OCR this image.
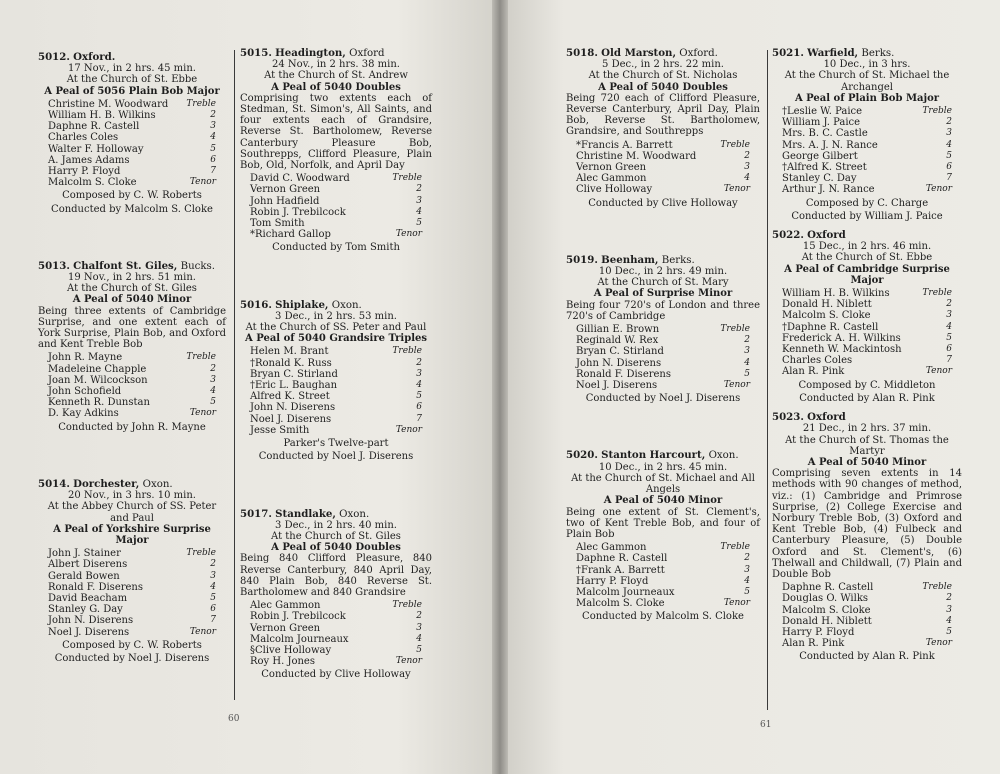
5012. Oxford.
17 Nov., in 2 hrs. 45 min.
At the Church of St. Ebbe
A Peal of 5056 Plain Bob Major
Christine M. Woodward Treble
William H. B. Wilkins	2
Daphne R. Castell	3
Charles Coles	4
Walter F. Holloway	5
A. James Adams	6
Harry P. Floyd	7
Malcolm S. Cloke	Tenor
Composed by C. W. Roberts
Conducted by Malcolm S. Cloke
5013. Chalfont St. Giles, Bucks.
19 Nov., in 2 hrs. 51 min.
At the Church of St. Giles
A Peal of 5040 Minor
Being three extents of Cambridge Surprise, and one extent each of York Surprise, Plain Bob, and Oxford and Kent Treble Bob
John R. Mayne	Treble
Madeleine Chapple	2
Joan M. Wilcockson	3
John Schofield	4
Kenneth R. Dunstan	5
D. Kay Adkins	Tenor
Conducted by John R. Mayne
5014. Dorchester, Oxon.
20 Nov., in 3 hrs. 10 min.
At the Abbey Church of SS. Peter and Paul
A Peal of Yorkshire Surprise Major
John J. Stainer	Treble
Albert Diserens	2
Gerald Bowen	3
Ronald F. Diserens	4
David Beacham	5
Stanley G. Day	6
John N. Diserens	7
Noel J. Diserens	Tenor
Composed by C. W. Roberts
Conducted by Noel J. Diserens
5015. Headington, Oxford
24 Nov., in 2 hrs. 38 min.
At the Church of St. Andrew
A Peal of 5040 Doubles
Comprising two extents each of Stedman, St. Simon's, All Saints, and four extents each of Grandsire, Reverse St. Bartholomew, Reverse Canterbury Pleasure Bob, Southrepps, Clifford Pleasure, Plain Bob, Old, Norfolk, and April Day
David C. Woodward	Treble
Vernon Green	2
John Hadfield	3
Robin J. Trebilcock	4
Tom Smith	5
*Richard Gallop	Tenor
Conducted by Tom Smith
5016. Shiplake, Oxon.
3 Dec., in 2 hrs. 53 min.
At the Church of SS. Peter and Paul
A Peal of 5040 Grandsire Triples
Helen M. Brant	Treble
†Ronald K. Russ	2
Bryan C. Stirland	3
†Eric L. Baughan	4
Alfred K. Street	5
John N. Diserens	6
Noel J. Diserens	7
Jesse Smith	Tenor
Parker's Twelve-part
Conducted by Noel J. Diserens
5017. Standlake, Oxon.
3 Dec., in 2 hrs. 40 min.
At the Church of St. Giles
A Peal of 5040 Doubles
Being 840 Clifford Pleasure, 840 Reverse Canterbury, 840 April Day, 840 Plain Bob, 840 Reverse St. Bartholomew and 840 Grandsire
Alec Gammon	Treble
Robin J. Trebilcock	2
Vernon Green	3
Malcolm Journeaux	4
§Clive Holloway	5
Roy H. Jones	Tenor
Conducted by Clive Holloway
5018. Old Marston, Oxford.
5 Dec., in 2 hrs. 22 min.
At the Church of St. Nicholas
A Peal of 5040 Doubles
Being 720 each of Clifford Pleasure, Reverse Canterbury, April Day, Plain Bob, Reverse St. Bartholomew, Grandsire, and Southrepps
*Francis A. Barrett	Treble
Christine M. Woodward	2
Vernon Green	3
Alec Gammon	4
Clive Holloway	Tenor
Conducted by Clive Holloway
5019. Beenham, Berks.
10 Dec., in 2 hrs. 49 min.
At the Church of St. Mary
A Peal of Surprise Minor
Being four 720's of London and three 720's of Cambridge
Gillian E. Brown	Treble
Reginald W. Rex	2
Bryan C. Stirland	3
John N. Diserens	4
Ronald F. Diserens	5
Noel J. Diserens	Tenor
Conducted by Noel J. Diserens
5020. Stanton Harcourt, Oxon.
10 Dec., in 2 hrs. 45 min.
At the Church of St. Michael and All Angels
A Peal of 5040 Minor
Being one extent of St. Clement's, two of Kent Treble Bob, and four of Plain Bob
Alec Gammon	Treble
Daphne R. Castell	2
†Frank A. Barrett	3
Harry P. Floyd	4
Malcolm Journeaux	5
Malcolm S. Cloke	Tenor
Conducted by Malcolm S. Cloke
5021. Warfield, Berks.
10 Dec., in 3 hrs.
At the Church of St. Michael the Archangel
A Peal of Plain Bob Major
†Leslie W. Paice	Treble
William J. Paice	2
Mrs. B. C. Castle	3
Mrs. A. J. N. Rance	4
George Gilbert	5
†Alfred K. Street	6
Stanley C. Day	7
Arthur J. N. Rance	Tenor
Composed by C. Charge
Conducted by William J. Paice
5022. Oxford
15 Dec., in 2 hrs. 46 min.
At the Church of St. Ebbe
A Peal of Cambridge Surprise Major
William H. B. Wilkins	Treble
Donald H. Niblett	2
Malcolm S. Cloke	3
†Daphne R. Castell	4
Frederick A. H. Wilkins	5
Kenneth W. Mackintosh	6
Charles Coles	7
Alan R. Pink	Tenor
Composed by C. Middleton
Conducted by Alan R. Pink
5023. Oxford
21 Dec., in 2 hrs. 37 min.
At the Church of St. Thomas the Martyr
A Peal of 5040 Minor
Comprising seven extents in 14 methods with 90 changes of method, viz.: (1) Cambridge and Primrose Surprise, (2) College Exercise and Norbury Treble Bob, (3) Oxford and Kent Treble Bob, (4) Fulbeck and Canterbury Pleasure, (5) Double Oxford and St. Clement's, (6) Thelwall and Childwall, (7) Plain and Double Bob
Daphne R. Castell	Treble
Douglas O. Wilks	2
Malcolm S. Cloke	3
Donald H. Niblett	4
Harry P. Floyd	5
Alan R. Pink	Tenor
Conducted by Alan R. Pink
60
61
